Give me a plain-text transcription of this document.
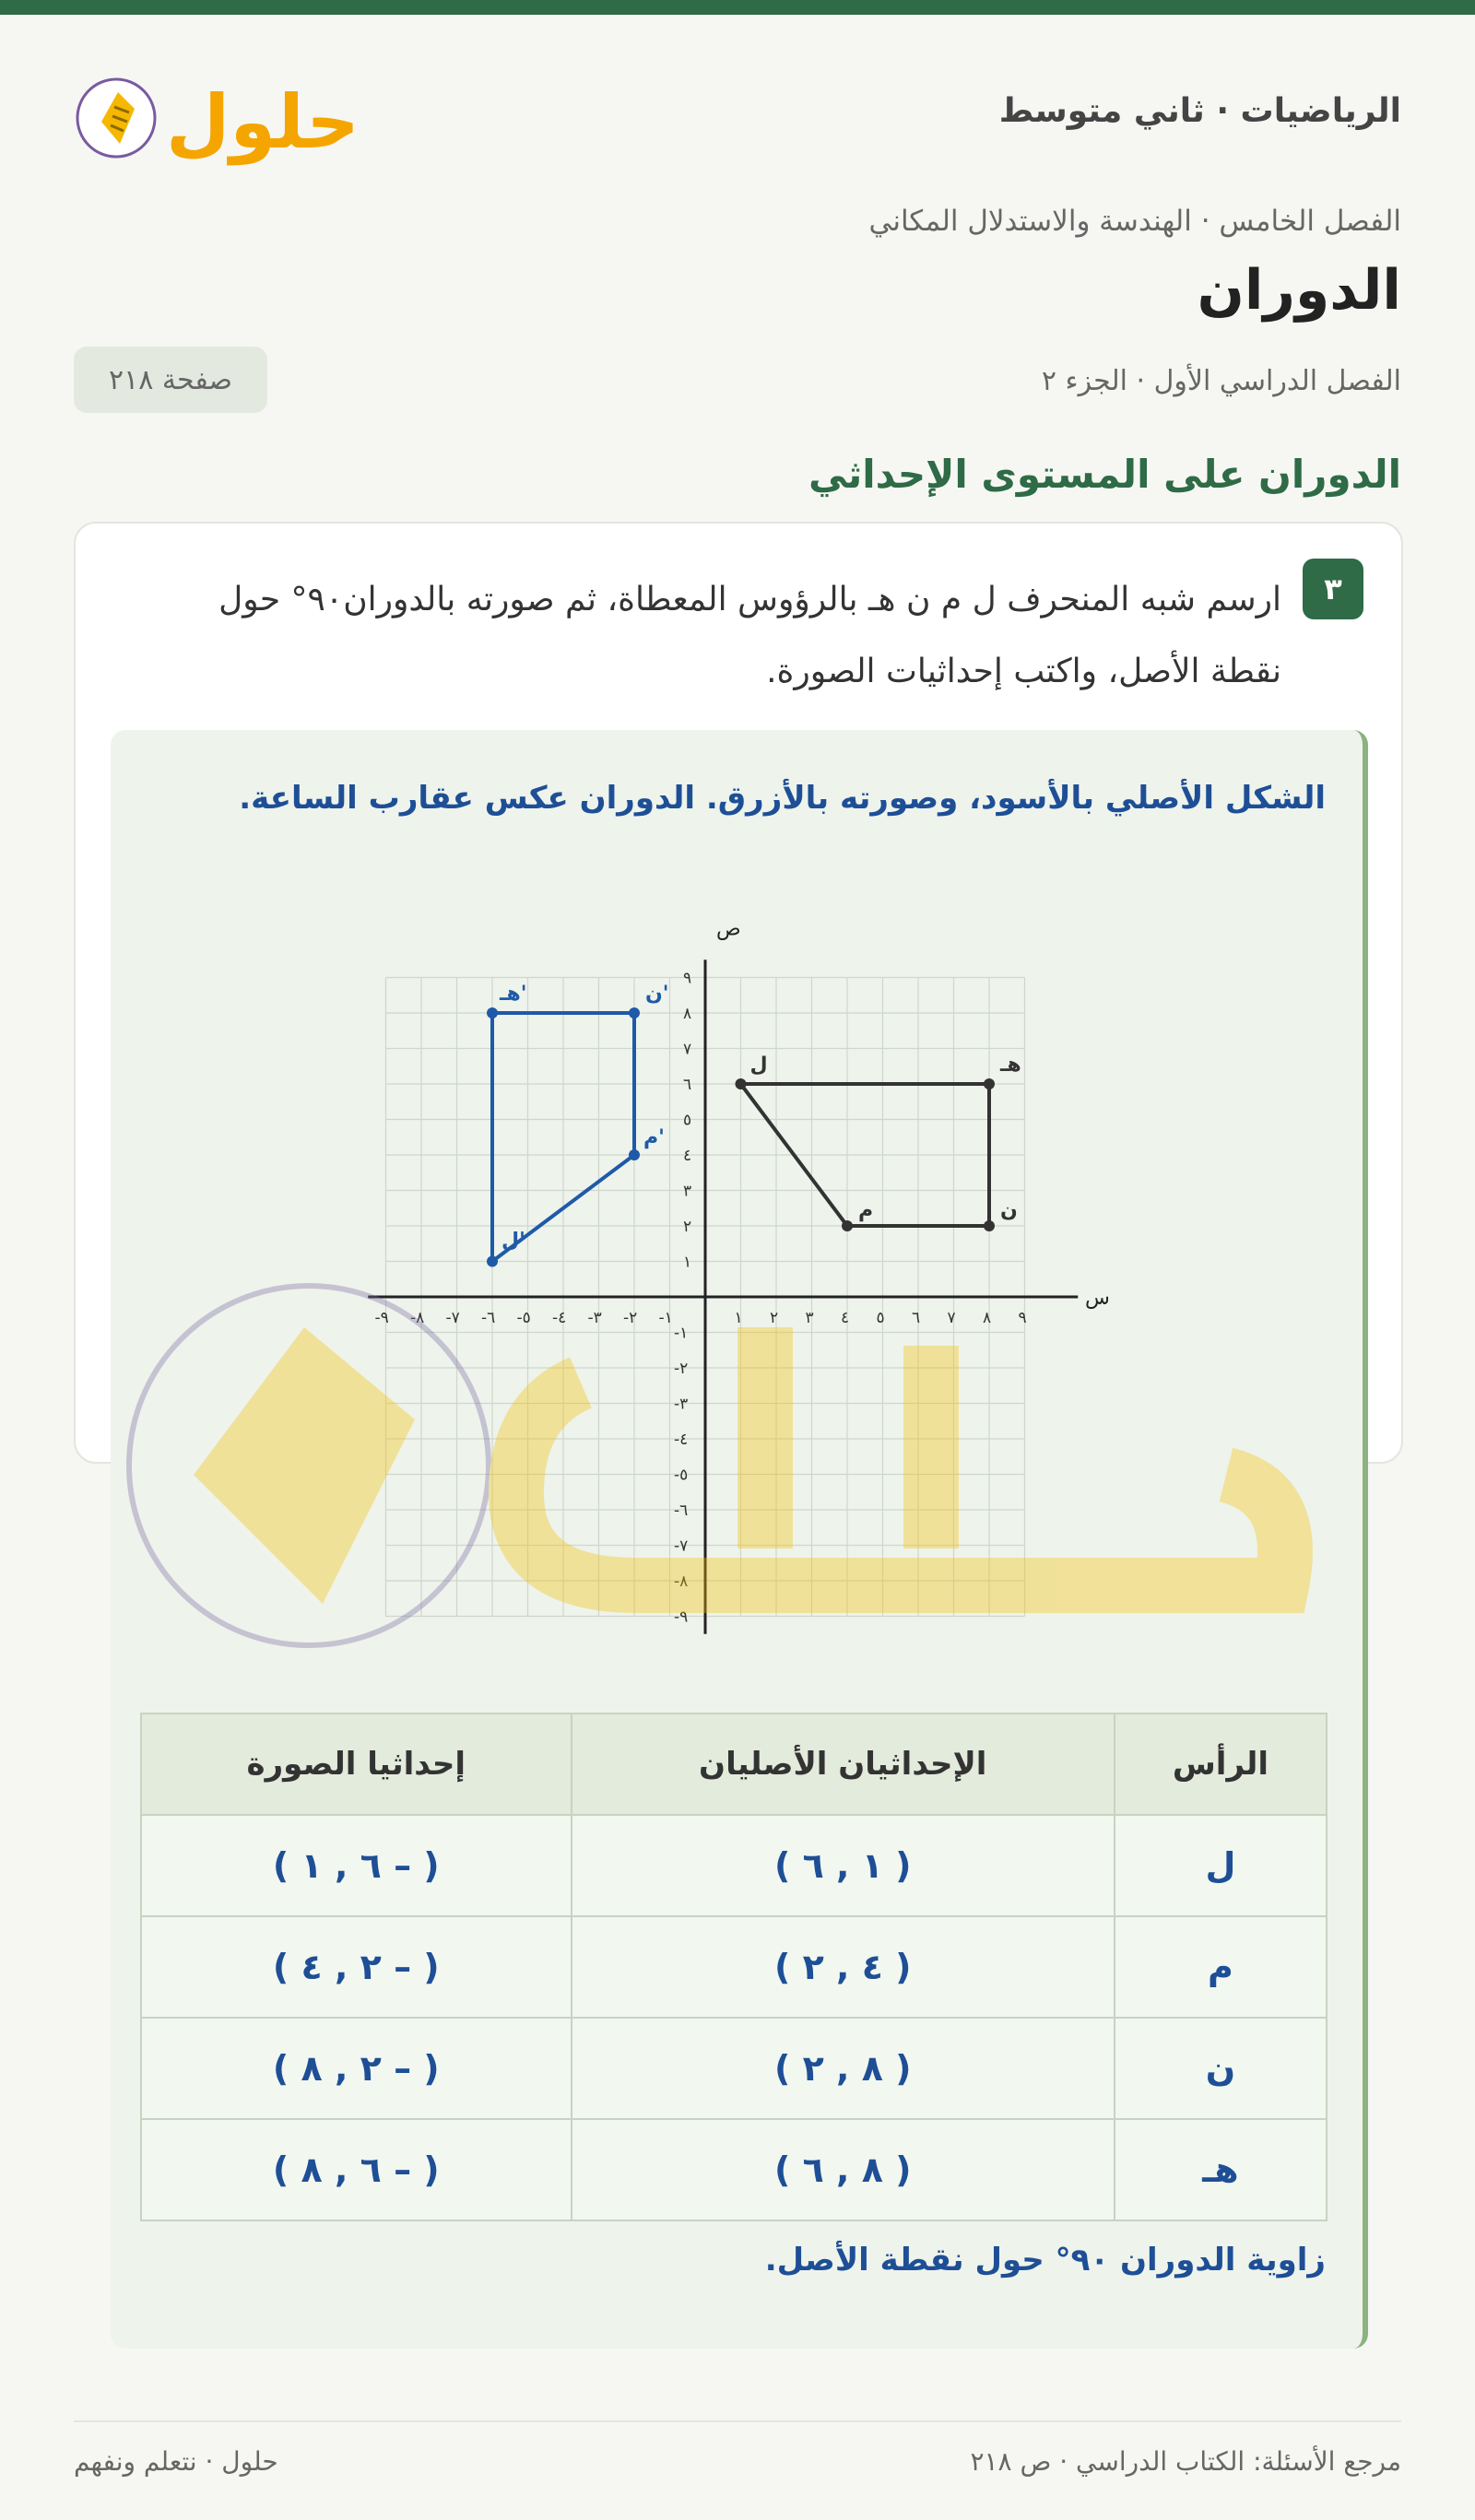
الرياضيات · ثاني متوسط
حلول
الفصل الخامس · الهندسة والاستدلال المكاني
الدوران
الفصل الدراسي الأول · الجزء ٢
صفحة ٢١٨
الدوران على المستوى الإحداثي
٣
ارسم شبه المنحرف ل م ن هـ بالرؤوس المعطاة، ثم صورته بالدوران٩٠° حول نقطة الأصل، واكتب إحداثيات الصورة.
الشكل الأصلي بالأسود، وصورته بالأزرق. الدوران عكس عقارب الساعة.
س
ص
١ ٢ ٣ ٤ ٥ ٦ ٧ ٨ ٩
-١
-٢
-٣
-٤
-٥
-٦
-٧
-٨
-٩
١
٢
٣
٤
٥
٦
٧
٨
٩
-١
-٢
-٣
-٤
-٥
-٦
-٧
-٨
-٩
ل
م	ن
هـ
ل'
م'
ن'
هـ'
الرأس	الإحداثيان الأصليان	إحداثيا الصورة
ل	( ١ , ٦ )	( – ٦ , ١ )
م	( ٤ , ٢ )	( – ٢ , ٤ )
ن	( ٨ , ٢ )	( – ٢ , ٨ )
هـ	( ٨ , ٦ )	( – ٦ , ٨ )
زاوية الدوران ٩٠° حول نقطة الأصل.
حلول · نتعلم ونفهم	مرجع الأسئلة: الكتاب الدراسي · ص ٢١٨
